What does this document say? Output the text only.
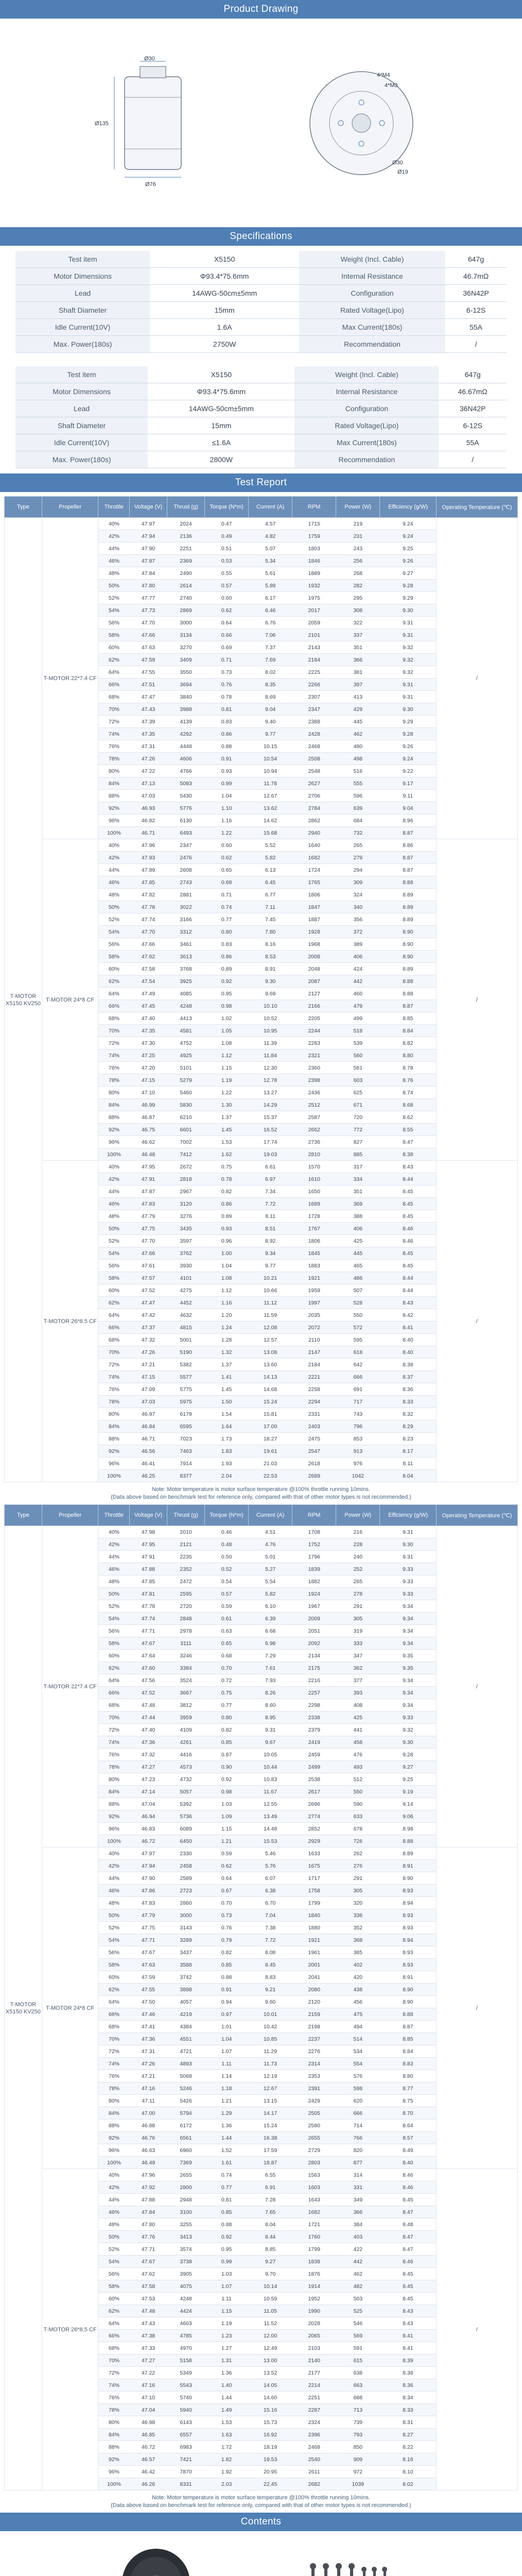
Product Drawing
Ø135
Ø30
Ø76
4*M4
4*M3
Ø30
Ø19
Specifications
Test item	X5150	Weight (Incl. Cable)	647g
Motor Dimensions	Φ93.4*75.6mm	Internal Resistance	46.7mΩ
Lead	14AWG-50cm±5mm	Configuration	36N42P
Shaft Diameter	15mm	Rated Voltage(Lipo)	6-12S
Idle Current(10V)	1.6A	Max Current(180s)	55A
Max. Power(180s)	2750W	Recommendation	/
Test item	X5150	Weight (Incl. Cable)	647g
Motor Dimensions	Φ93.4*75.6mm	Internal Resistance	46.67mΩ
Lead	14AWG-50cm±5mm	Configuration	36N42P
Shaft Diameter	15mm	Rated Voltage(Lipo)	6-12S
Idle Current(10V)	≤1.6A	Max Current(180s)	55A
Max. Power(180s)	2800W	Recommendation	/
Test Report
Type	Propeller	Throttle	Voltage (V)	Thrust (g)	Torque (N*m)	Current (A)	RPM	Power (W)	Efficiency (g/W)	Operating Temperature (℃)
T-MOTOR X5150 KV250	T-MOTOR 22*7.4 CF	40%	47.97	2024	0.47	4.57	1715	219	9.24	/
		42%	47.94	2136	0.49	4.82	1759	231	9.24	
		44%	47.90	2251	0.51	5.07	1803	243	9.25	
		46%	47.87	2369	0.53	5.34	1846	256	9.26	
		48%	47.84	2490	0.55	5.61	1889	268	9.27	
		50%	47.80	2614	0.57	5.89	1932	282	9.28	
		52%	47.77	2740	0.60	6.17	1975	295	9.29	
		54%	47.73	2869	0.62	6.46	2017	308	9.30	
		56%	47.70	3000	0.64	6.76	2059	322	9.31	
		58%	47.66	3134	0.66	7.06	2101	337	9.31	
		60%	47.63	3270	0.69	7.37	2143	351	9.32	
		62%	47.59	3409	0.71	7.69	2184	366	9.32	
		64%	47.55	3550	0.73	8.02	2225	381	9.32	
		66%	47.51	3694	0.76	8.35	2266	397	9.31	
		68%	47.47	3840	0.78	8.69	2307	413	9.31	
		70%	47.43	3988	0.81	9.04	2347	429	9.30	
		72%	47.39	4139	0.83	9.40	2388	445	9.29	
		74%	47.35	4292	0.86	9.77	2428	462	9.28	
		76%	47.31	4448	0.88	10.15	2468	480	9.26	
		78%	47.26	4606	0.91	10.54	2508	498	9.24	
		80%	47.22	4766	0.93	10.94	2548	516	9.22	
		84%	47.13	5093	0.99	11.78	2627	555	9.17	
		88%	47.03	5430	1.04	12.67	2706	596	9.11	
		92%	46.93	5776	1.10	13.62	2784	639	9.04	
		96%	46.82	6130	1.16	14.62	2862	684	8.96	
		100%	46.71	6493	1.22	15.68	2940	732	8.87	
	T-MOTOR 24*8 CF	40%	47.96	2347	0.60	5.52	1640	265	8.86	/
		42%	47.93	2476	0.62	5.82	1682	279	8.87	
		44%	47.89	2608	0.65	6.13	1724	294	8.87	
		46%	47.85	2743	0.68	6.45	1765	309	8.88	
		48%	47.82	2881	0.71	6.77	1806	324	8.89	
		50%	47.78	3022	0.74	7.11	1847	340	8.89	
		52%	47.74	3166	0.77	7.45	1887	356	8.89	
		54%	47.70	3312	0.80	7.80	1928	372	8.90	
		56%	47.66	3461	0.83	8.16	1968	389	8.90	
		58%	47.62	3613	0.86	8.53	2008	406	8.90	
		60%	47.58	3768	0.89	8.91	2048	424	8.89	
		62%	47.54	3925	0.92	9.30	2087	442	8.88	
		64%	47.49	4085	0.95	9.69	2127	460	8.88	
		66%	47.45	4248	0.98	10.10	2166	479	8.87	
		68%	47.40	4413	1.02	10.52	2205	499	8.85	
		70%	47.35	4581	1.05	10.95	2244	518	8.84	
		72%	47.30	4752	1.08	11.39	2283	539	8.82	
		74%	47.25	4925	1.12	11.84	2321	560	8.80	
		76%	47.20	5101	1.15	12.30	2360	581	8.78	
		78%	47.15	5279	1.19	12.78	2398	603	8.76	
		80%	47.10	5460	1.22	13.27	2436	625	8.74	
		84%	46.99	5830	1.30	14.29	2512	671	8.68	
		88%	46.87	6210	1.37	15.37	2587	720	8.62	
		92%	46.75	6601	1.45	16.52	2662	772	8.55	
		96%	46.62	7002	1.53	17.74	2736	827	8.47	
		100%	46.48	7412	1.62	19.03	2810	885	8.38	
	T-MOTOR 26*8.5 CF	40%	47.95	2672	0.75	6.61	1570	317	8.43	/
		42%	47.91	2818	0.78	6.97	1610	334	8.44	
		44%	47.87	2967	0.82	7.34	1650	351	8.45	
		46%	47.83	3120	0.86	7.72	1689	369	8.45	
		48%	47.79	3276	0.89	8.11	1728	388	8.45	
		50%	47.75	3435	0.93	8.51	1767	406	8.46	
		52%	47.70	3597	0.96	8.92	1806	425	8.46	
		54%	47.66	3762	1.00	9.34	1845	445	8.45	
		56%	47.61	3930	1.04	9.77	1883	465	8.45	
		58%	47.57	4101	1.08	10.21	1921	486	8.44	
		60%	47.52	4275	1.12	10.66	1959	507	8.44	
		62%	47.47	4452	1.16	11.12	1997	528	8.43	
		64%	47.42	4632	1.20	11.59	2035	550	8.42	
		66%	47.37	4815	1.24	12.08	2072	572	8.41	
		68%	47.32	5001	1.28	12.57	2110	595	8.40	
		70%	47.26	5190	1.32	13.08	2147	618	8.40	
		72%	47.21	5382	1.37	13.60	2184	642	8.38	
		74%	47.15	5577	1.41	14.13	2221	666	8.37	
		76%	47.09	5775	1.45	14.68	2258	691	8.36	
		78%	47.03	5975	1.50	15.24	2294	717	8.33	
		80%	46.97	6179	1.54	15.81	2331	743	8.32	
		84%	46.84	6595	1.64	17.00	2403	796	8.29	
		88%	46.71	7023	1.73	18.27	2475	853	8.23	
		92%	46.56	7463	1.83	19.61	2547	913	8.17	
		96%	46.41	7914	1.93	21.03	2618	976	8.11	
		100%	46.25	8377	2.04	22.53	2689	1042	8.04	
Note: Motor temperature is motor surface temperature @100% throttle running 10mins.
(Data above based on benchmark test for reference only, compared with that of other motor types is not recommended.)
Type	Propeller	Throttle	Voltage (V)	Thrust (g)	Torque (N*m)	Current (A)	RPM	Power (W)	Efficiency (g/W)	Operating Temperature (℃)
T-MOTOR X5150 KV250	T-MOTOR 22*7.4 CF	40%	47.98	2010	0.46	4.51	1708	216	9.31	/
		42%	47.95	2121	0.48	4.76	1752	228	9.30	
		44%	47.91	2235	0.50	5.01	1796	240	9.31	
		46%	47.88	2352	0.52	5.27	1839	252	9.33	
		48%	47.85	2472	0.54	5.54	1882	265	9.33	
		50%	47.81	2595	0.57	5.82	1924	278	9.33	
		52%	47.78	2720	0.59	6.10	1967	291	9.34	
		54%	47.74	2848	0.61	6.39	2009	305	9.34	
		56%	47.71	2978	0.63	6.68	2051	319	9.34	
		58%	47.67	3111	0.65	6.98	2092	333	9.34	
		60%	47.64	3246	0.68	7.29	2134	347	9.35	
		62%	47.60	3384	0.70	7.61	2175	362	9.35	
		64%	47.56	3524	0.72	7.93	2216	377	9.34	
		66%	47.52	3667	0.75	8.26	2257	393	9.34	
		68%	47.48	3812	0.77	8.60	2298	408	9.34	
		70%	47.44	3959	0.80	8.95	2338	425	9.33	
		72%	47.40	4109	0.82	9.31	2379	441	9.32	
		74%	47.36	4261	0.85	9.67	2419	458	9.30	
		76%	47.32	4416	0.87	10.05	2459	476	9.28	
		78%	47.27	4573	0.90	10.44	2499	493	9.27	
		80%	47.23	4732	0.92	10.83	2538	512	9.25	
		84%	47.14	5057	0.98	11.67	2617	550	9.19	
		88%	47.04	5392	1.03	12.55	2696	590	9.14	
		92%	46.94	5736	1.09	13.49	2774	633	9.06	
		96%	46.83	6089	1.15	14.48	2852	678	8.98	
		100%	46.72	6450	1.21	15.53	2929	726	8.88	
	T-MOTOR 24*8 CF	40%	47.97	2330	0.59	5.46	1633	262	8.89	/
		42%	47.94	2458	0.62	5.76	1675	276	8.91	
		44%	47.90	2589	0.64	6.07	1717	291	8.90	
		46%	47.86	2723	0.67	6.38	1758	305	8.93	
		48%	47.83	2860	0.70	6.70	1799	320	8.94	
		50%	47.79	3000	0.73	7.04	1840	336	8.93	
		52%	47.75	3143	0.76	7.38	1880	352	8.93	
		54%	47.71	3289	0.79	7.72	1921	368	8.94	
		56%	47.67	3437	0.82	8.08	1961	385	8.93	
		58%	47.63	3588	0.85	8.45	2001	402	8.93	
		60%	47.59	3742	0.88	8.83	2041	420	8.91	
		62%	47.55	3898	0.91	9.21	2080	438	8.90	
		64%	47.50	4057	0.94	9.60	2120	456	8.90	
		66%	47.46	4219	0.97	10.01	2159	475	8.88	
		68%	47.41	4384	1.01	10.42	2198	494	8.87	
		70%	47.36	4551	1.04	10.85	2237	514	8.85	
		72%	47.31	4721	1.07	11.29	2276	534	8.84	
		74%	47.26	4893	1.11	11.73	2314	554	8.83	
		76%	47.21	5068	1.14	12.19	2353	576	8.80	
		78%	47.16	5246	1.18	12.67	2391	598	8.77	
		80%	47.11	5426	1.21	13.15	2429	620	8.75	
		84%	47.00	5794	1.29	14.17	2505	666	8.70	
		88%	46.88	6172	1.36	15.24	2580	714	8.64	
		92%	46.76	6561	1.44	16.38	2655	766	8.57	
		96%	46.63	6960	1.52	17.59	2729	820	8.49	
		100%	46.49	7369	1.61	18.87	2803	877	8.40	
	T-MOTOR 26*8.5 CF	40%	47.96	2655	0.74	6.55	1563	314	8.46	/
		42%	47.92	2800	0.77	6.91	1603	331	8.46	
		44%	47.88	2948	0.81	7.28	1643	349	8.45	
		46%	47.84	3100	0.85	7.65	1682	366	8.47	
		48%	47.80	3255	0.88	8.04	1721	384	8.48	
		50%	47.76	3413	0.92	8.44	1760	403	8.47	
		52%	47.71	3574	0.95	8.85	1799	422	8.47	
		54%	47.67	3738	0.99	9.27	1838	442	8.46	
		56%	47.62	3905	1.03	9.70	1876	462	8.45	
		58%	47.58	4075	1.07	10.14	1914	482	8.45	
		60%	47.53	4248	1.11	10.59	1952	503	8.45	
		62%	47.48	4424	1.15	11.05	1990	525	8.43	
		64%	47.43	4603	1.19	11.52	2028	546	8.43	
		66%	47.38	4785	1.23	12.00	2065	569	8.41	
		68%	47.33	4970	1.27	12.49	2103	591	8.41	
		70%	47.27	5158	1.31	13.00	2140	615	8.39	
		72%	47.22	5349	1.36	13.52	2177	638	8.38	
		74%	47.16	5543	1.40	14.05	2214	663	8.36	
		76%	47.10	5740	1.44	14.60	2251	688	8.34	
		78%	47.04	5940	1.49	15.16	2287	713	8.33	
		80%	46.98	6143	1.53	15.73	2324	739	8.31	
		84%	46.85	6557	1.63	16.92	2396	793	8.27	
		88%	46.72	6983	1.72	18.19	2468	850	8.22	
		92%	46.57	7421	1.82	19.53	2540	909	8.16	
		96%	46.42	7870	1.92	20.95	2611	972	8.10	
		100%	46.26	8331	2.03	22.45	2682	1039	8.02	
Note: Motor temperature is motor surface temperature @100% throttle running 10mins.
(Data above based on benchmark test for reference only, compared with that of other motor types is not recommended.)
Contents
